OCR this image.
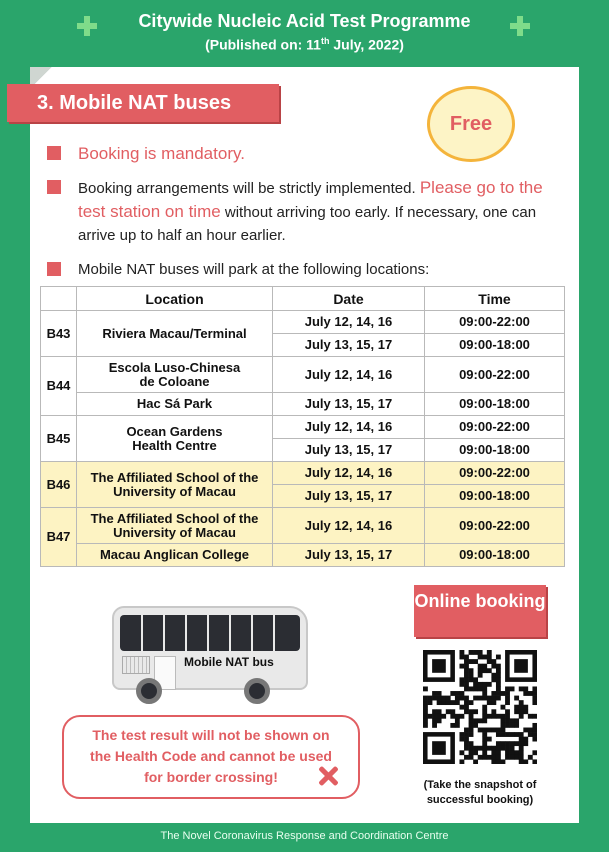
Citywide Nucleic Acid Test Programme
(Published on: 11th July, 2022)
3. Mobile NAT buses
Free
Booking is mandatory.
Booking arrangements will be strictly implemented. Please go to the test station on time without arriving too early. If necessary, one can arrive up to half an hour earlier.
Mobile NAT buses will park at the following locations:
	Location	Date	Time
B43	Riviera Macau/Terminal	July 12, 14, 16	09:00-22:00
		July 13, 15, 17	09:00-18:00
B44	Escola Luso-Chinesa de Coloane	July 12, 14, 16	09:00-22:00
	Hac Sá Park	July 13, 15, 17	09:00-18:00
B45	Ocean Gardens Health Centre	July 12, 14, 16	09:00-22:00
		July 13, 15, 17	09:00-18:00
B46	The Affiliated School of the University of Macau	July 12, 14, 16	09:00-22:00
		July 13, 15, 17	09:00-18:00
B47	The Affiliated School of the University of Macau	July 12, 14, 16	09:00-22:00
	Macau Anglican College	July 13, 15, 17	09:00-18:00
Mobile NAT bus
The test result will not be shown on the Health Code and cannot be used for border crossing!
Online booking
(Take the snapshot of successful booking)
The Novel Coronavirus Response and Coordination Centre
